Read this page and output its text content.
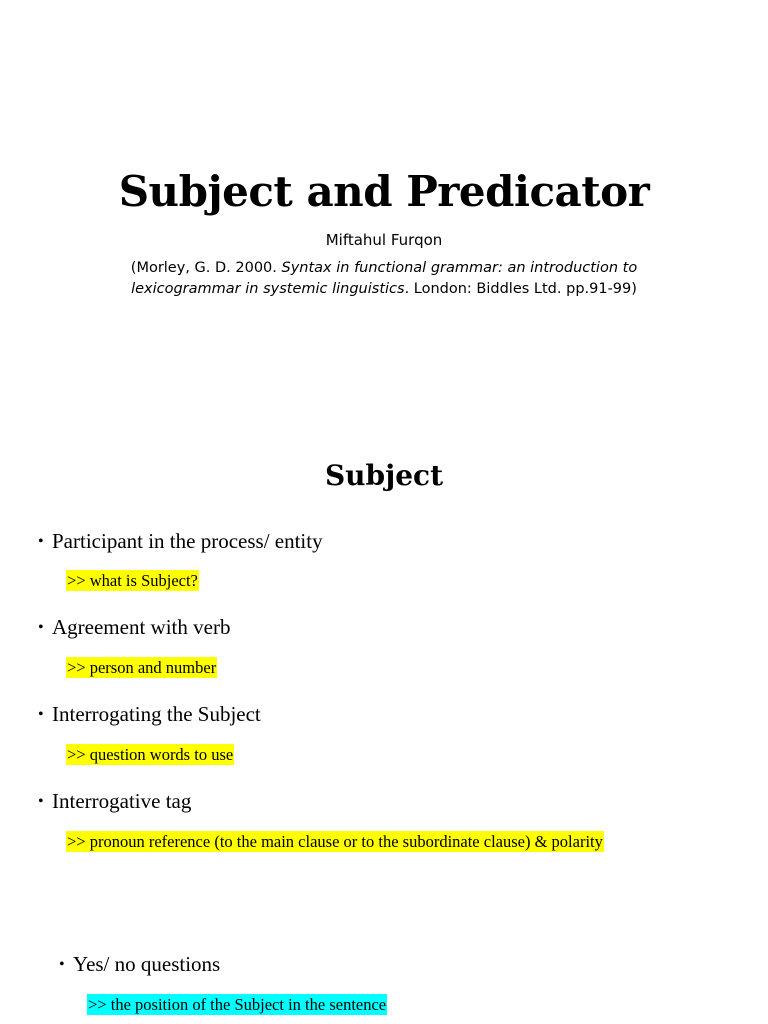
Subject and Predicator
Miftahul Furqon
(Morley, G. D. 2000. Syntax in functional grammar: an introduction to lexicogrammar in systemic linguistics. London: Biddles Ltd. pp.91-99)
Subject
• Participant in the process/ entity
>> what is Subject?
• Agreement with verb
>> person and number
• Interrogating the Subject
>> question words to use
• Interrogative tag
>> pronoun reference (to the main clause or to the subordinate clause) & polarity
• Yes/ no questions
>> the position of the Subject in the sentence
